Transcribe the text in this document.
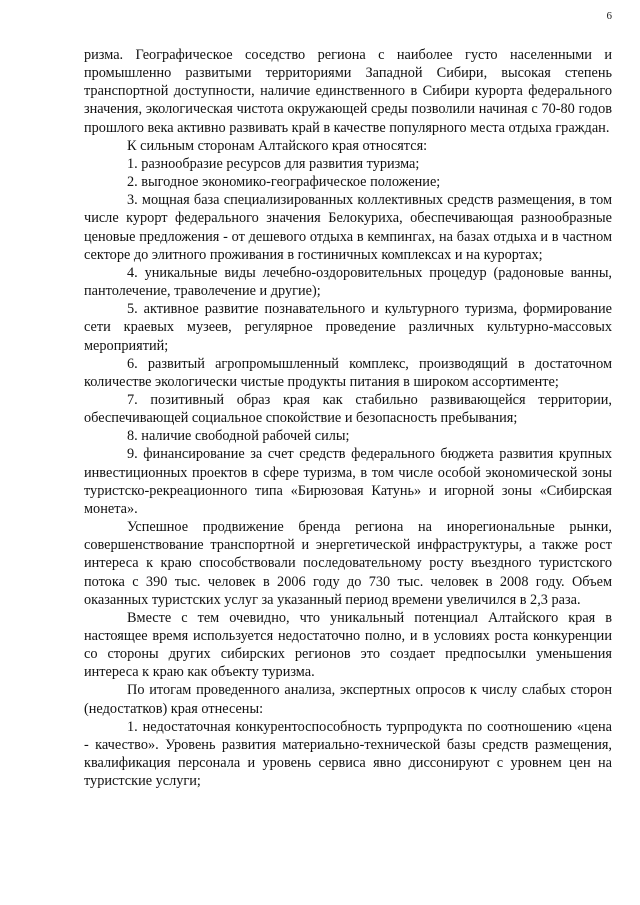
6

ризма. Географическое соседство региона с наиболее густо населенными и промышленно развитыми территориями Западной Сибири, высокая степень транспортной доступности, наличие единственного в Сибири курорта федерального значения, экологическая чистота окружающей среды позволили начиная с 70-80 годов прошлого века активно развивать край в качестве популярного места отдыха граждан.

К сильным сторонам Алтайского края относятся:

1. разнообразие ресурсов для развития туризма;

2. выгодное экономико-географическое положение;

3. мощная база специализированных коллективных средств размещения, в том числе курорт федерального значения Белокуриха, обеспечивающая разнообразные ценовые предложения - от дешевого отдыха в кемпингах, на базах отдыха и в частном секторе до элитного проживания в гостиничных комплексах и на курортах;

4. уникальные виды лечебно-оздоровительных процедур (радоновые ванны, пантолечение, траволечение и другие);

5. активное развитие познавательного и культурного туризма, формирование сети краевых музеев, регулярное проведение различных культурно-массовых мероприятий;

6. развитый агропромышленный комплекс, производящий в достаточном количестве экологически чистые продукты питания в широком ассортименте;

7. позитивный образ края как стабильно развивающейся территории, обеспечивающей социальное спокойствие и безопасность пребывания;

8. наличие свободной рабочей силы;

9. финансирование за счет средств федерального бюджета развития крупных инвестиционных проектов в сфере туризма, в том числе особой экономической зоны туристско-рекреационного типа «Бирюзовая Катунь» и игорной зоны «Сибирская монета».

Успешное продвижение бренда региона на инорегиональные рынки, совершенствование транспортной и энергетической инфраструктуры, а также рост интереса к краю способствовали последовательному росту въездного туристского потока с 390 тыс. человек в 2006 году до 730 тыс. человек в 2008 году. Объем оказанных туристских услуг за указанный период времени увеличился в 2,3 раза.

Вместе с тем очевидно, что уникальный потенциал Алтайского края в настоящее время используется недостаточно полно, и в условиях роста конкуренции со стороны других сибирских регионов это создает предпосылки уменьшения интереса к краю как объекту туризма.

По итогам проведенного анализа, экспертных опросов к числу слабых сторон (недостатков) края отнесены:

1. недостаточная конкурентоспособность турпродукта по соотношению «цена - качество». Уровень развития материально-технической базы средств размещения, квалификация персонала и уровень сервиса явно диссонируют с уровнем цен на туристские услуги;
